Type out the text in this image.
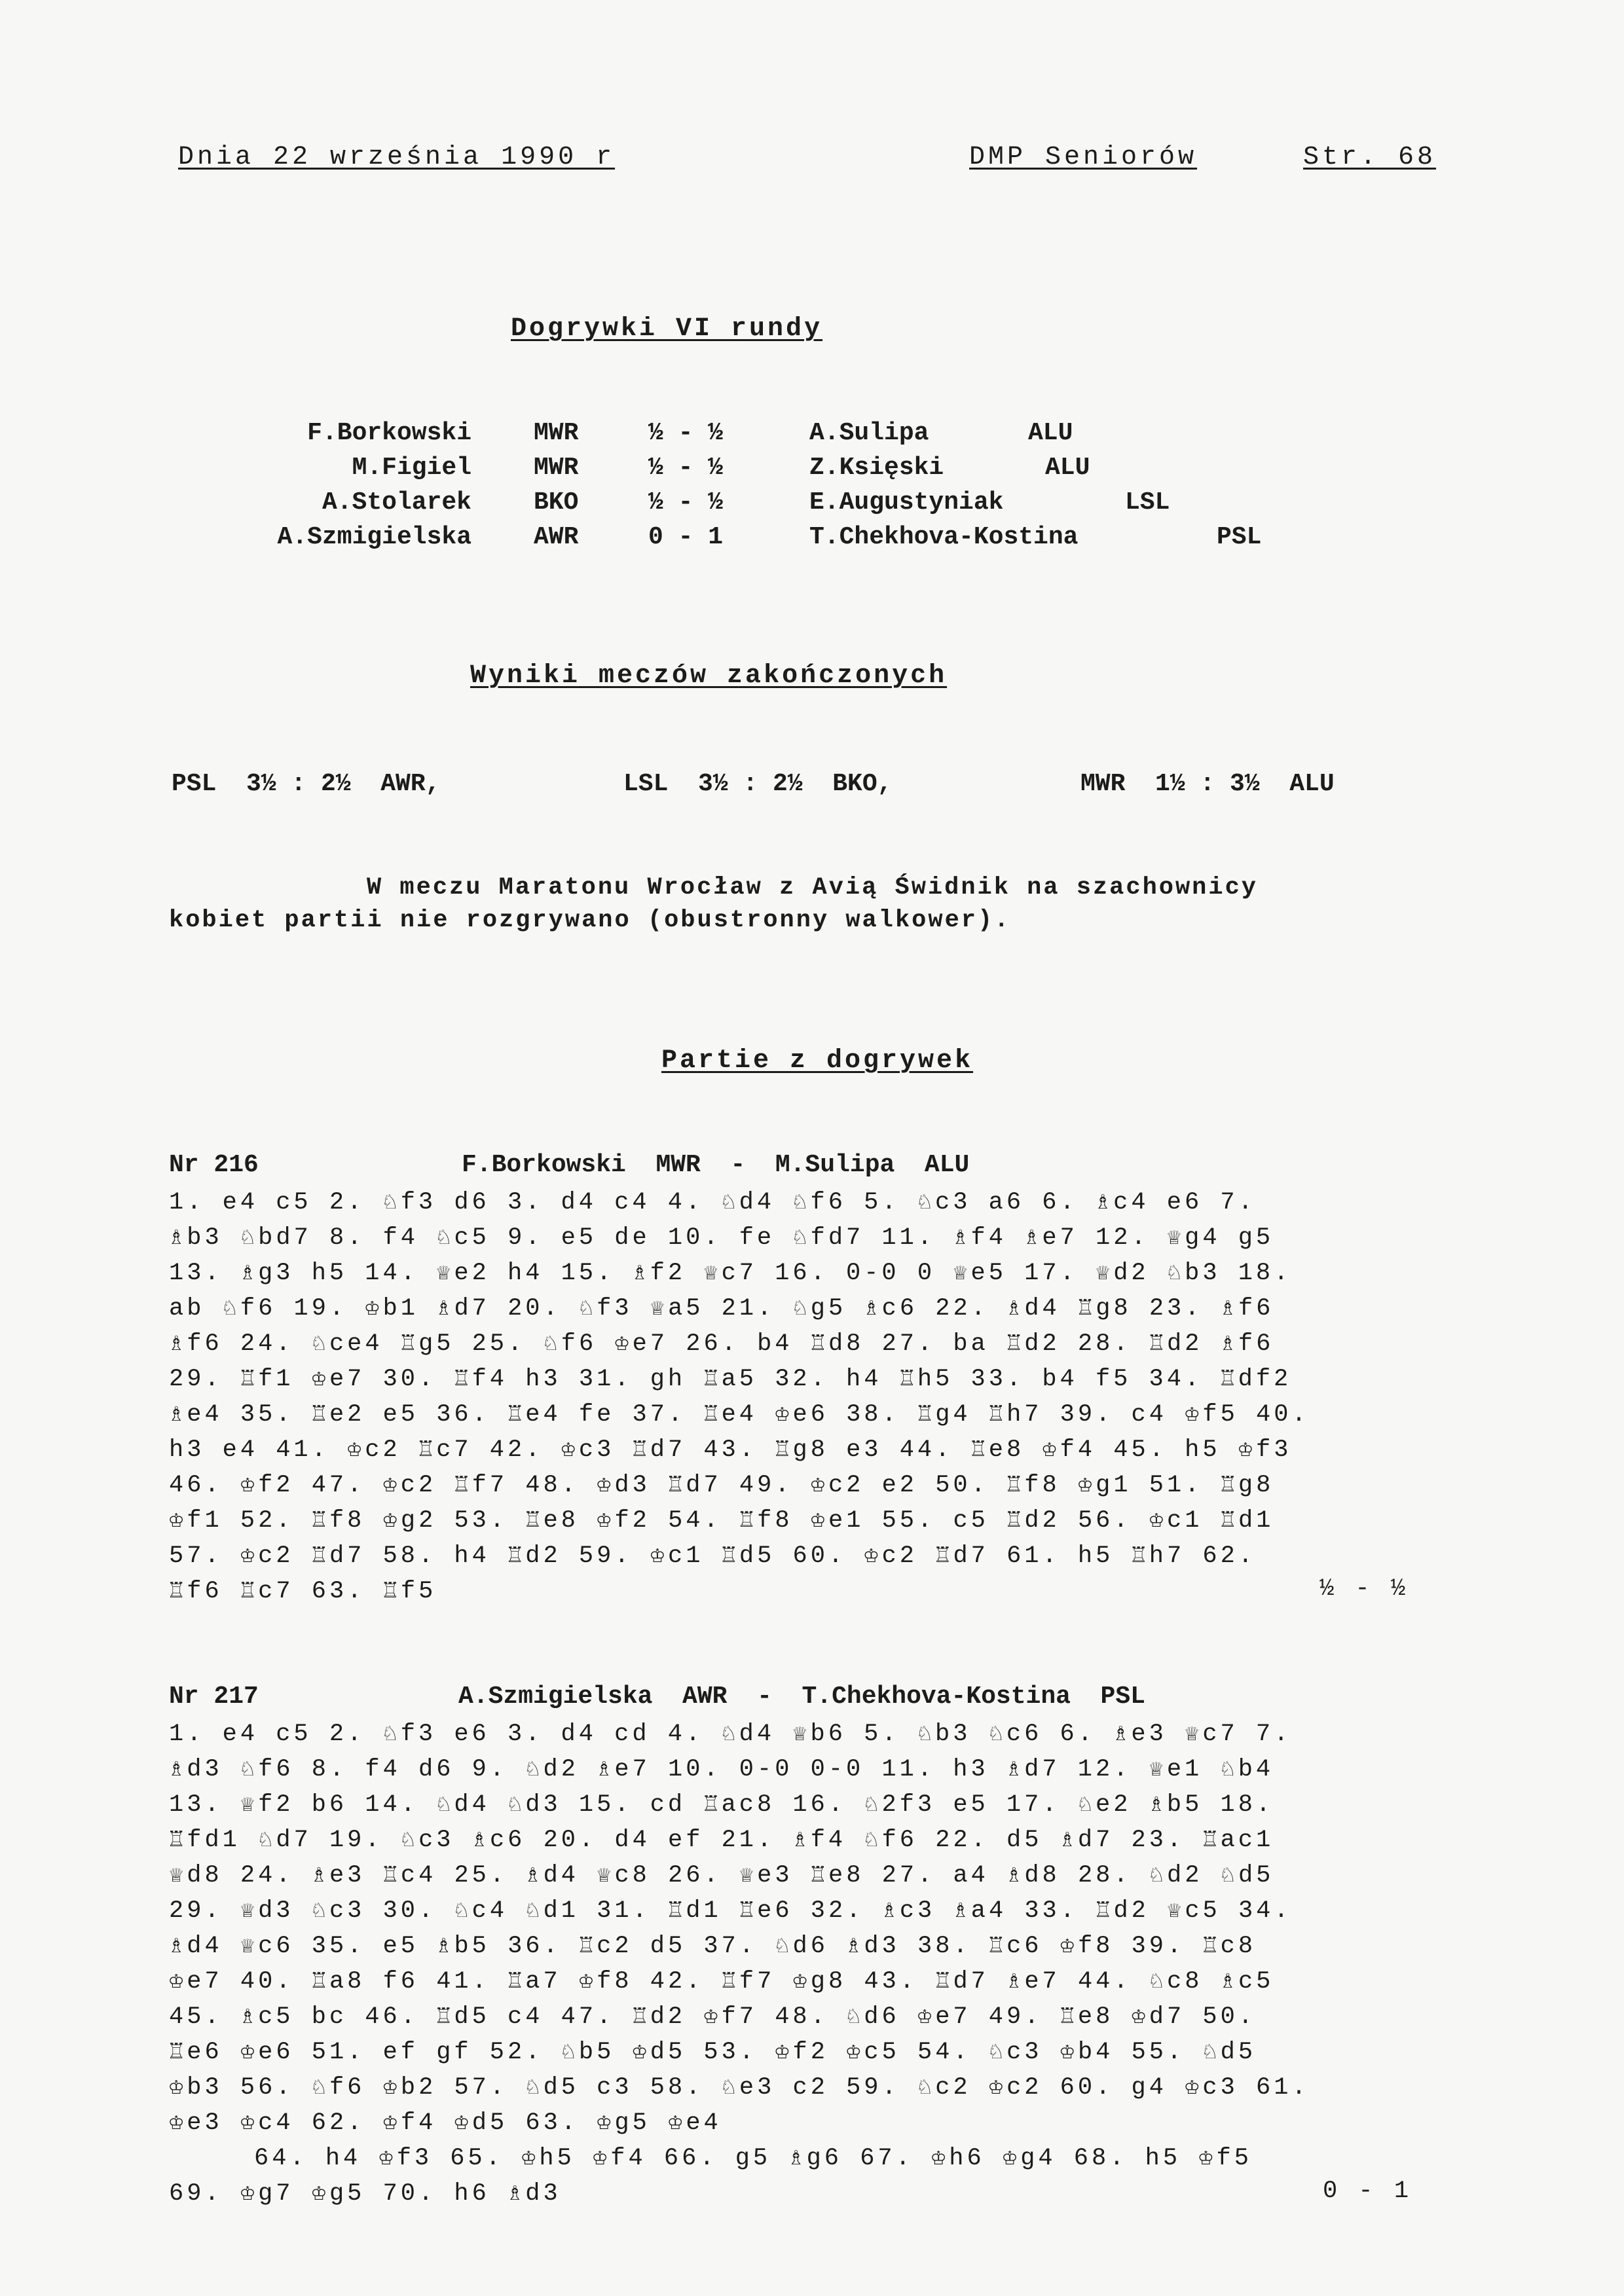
Dnia 22 września 1990 r	DMP Seniorów	Str. 68
Dogrywki VI rundy
F.Borkowski	MWR	½ - ½	A.Sulipa	ALU
M.Figiel	MWR	½ - ½	Z.Księski	ALU
A.Stolarek	BKO	½ - ½	E.Augustyniak	LSL
A.Szmigielska	AWR	0 - 1	T.Chekhova-Kostina	PSL
Wyniki meczów zakończonych
PSL  3½ : 2½  AWR,	LSL  3½ : 2½  BKO,	MWR  1½ : 3½  ALU
W meczu Maratonu Wrocław z Avią Świdnik na szachownicy
kobiet partii nie rozgrywano (obustronny walkower).
Partie z dogrywek
Nr 216	F.Borkowski  MWR  -  M.Sulipa  ALU
1. e4 c5 2. ♘f3 d6 3. d4 c4 4. ♘d4 ♘f6 5. ♘c3 a6 6. ♗c4 e6 7.
♗b3 ♘bd7 8. f4 ♘c5 9. e5 de 10. fe ♘fd7 11. ♗f4 ♗e7 12. ♕g4 g5
13. ♗g3 h5 14. ♕e2 h4 15. ♗f2 ♕c7 16. 0-0 0 ♕e5 17. ♕d2 ♘b3 18.
ab ♘f6 19. ♔b1 ♗d7 20. ♘f3 ♕a5 21. ♘g5 ♗c6 22. ♗d4 ♖g8 23. ♗f6
♗f6 24. ♘ce4 ♖g5 25. ♘f6 ♔e7 26. b4 ♖d8 27. ba ♖d2 28. ♖d2 ♗f6
29. ♖f1 ♔e7 30. ♖f4 h3 31. gh ♖a5 32. h4 ♖h5 33. b4 f5 34. ♖df2
♗e4 35. ♖e2 e5 36. ♖e4 fe 37. ♖e4 ♔e6 38. ♖g4 ♖h7 39. c4 ♔f5 40.
h3 e4 41. ♔c2 ♖c7 42. ♔c3 ♖d7 43. ♖g8 e3 44. ♖e8 ♔f4 45. h5 ♔f3
46. ♔f2 47. ♔c2 ♖f7 48. ♔d3 ♖d7 49. ♔c2 e2 50. ♖f8 ♔g1 51. ♖g8
♔f1 52. ♖f8 ♔g2 53. ♖e8 ♔f2 54. ♖f8 ♔e1 55. c5 ♖d2 56. ♔c1 ♖d1
57. ♔c2 ♖d7 58. h4 ♖d2 59. ♔c1 ♖d5 60. ♔c2 ♖d7 61. h5 ♖h7 62.
♖f6 ♖c7 63. ♖f5	½ - ½
Nr 217	A.Szmigielska  AWR  -  T.Chekhova-Kostina  PSL
1. e4 c5 2. ♘f3 e6 3. d4 cd 4. ♘d4 ♕b6 5. ♘b3 ♘c6 6. ♗e3 ♕c7 7.
♗d3 ♘f6 8. f4 d6 9. ♘d2 ♗e7 10. 0-0 0-0 11. h3 ♗d7 12. ♕e1 ♘b4
13. ♕f2 b6 14. ♘d4 ♘d3 15. cd ♖ac8 16. ♘2f3 e5 17. ♘e2 ♗b5 18.
♖fd1 ♘d7 19. ♘c3 ♗c6 20. d4 ef 21. ♗f4 ♘f6 22. d5 ♗d7 23. ♖ac1
♕d8 24. ♗e3 ♖c4 25. ♗d4 ♕c8 26. ♕e3 ♖e8 27. a4 ♗d8 28. ♘d2 ♘d5
29. ♕d3 ♘c3 30. ♘c4 ♘d1 31. ♖d1 ♖e6 32. ♗c3 ♗a4 33. ♖d2 ♕c5 34.
♗d4 ♕c6 35. e5 ♗b5 36. ♖c2 d5 37. ♘d6 ♗d3 38. ♖c6 ♔f8 39. ♖c8
♔e7 40. ♖a8 f6 41. ♖a7 ♔f8 42. ♖f7 ♔g8 43. ♖d7 ♗e7 44. ♘c8 ♗c5
45. ♗c5 bc 46. ♖d5 c4 47. ♖d2 ♔f7 48. ♘d6 ♔e7 49. ♖e8 ♔d7 50.
♖e6 ♔e6 51. ef gf 52. ♘b5 ♔d5 53. ♔f2 ♔c5 54. ♘c3 ♔b4 55. ♘d5
♔b3 56. ♘f6 ♔b2 57. ♘d5 c3 58. ♘e3 c2 59. ♘c2 ♔c2 60. g4 ♔c3 61.
♔e3 ♔c4 62. ♔f4 ♔d5 63. ♔g5 ♔e4
64. h4 ♔f3 65. ♔h5 ♔f4 66. g5 ♗g6 67. ♔h6 ♔g4 68. h5 ♔f5
69. ♔g7 ♔g5 70. h6 ♗d3	0 - 1
